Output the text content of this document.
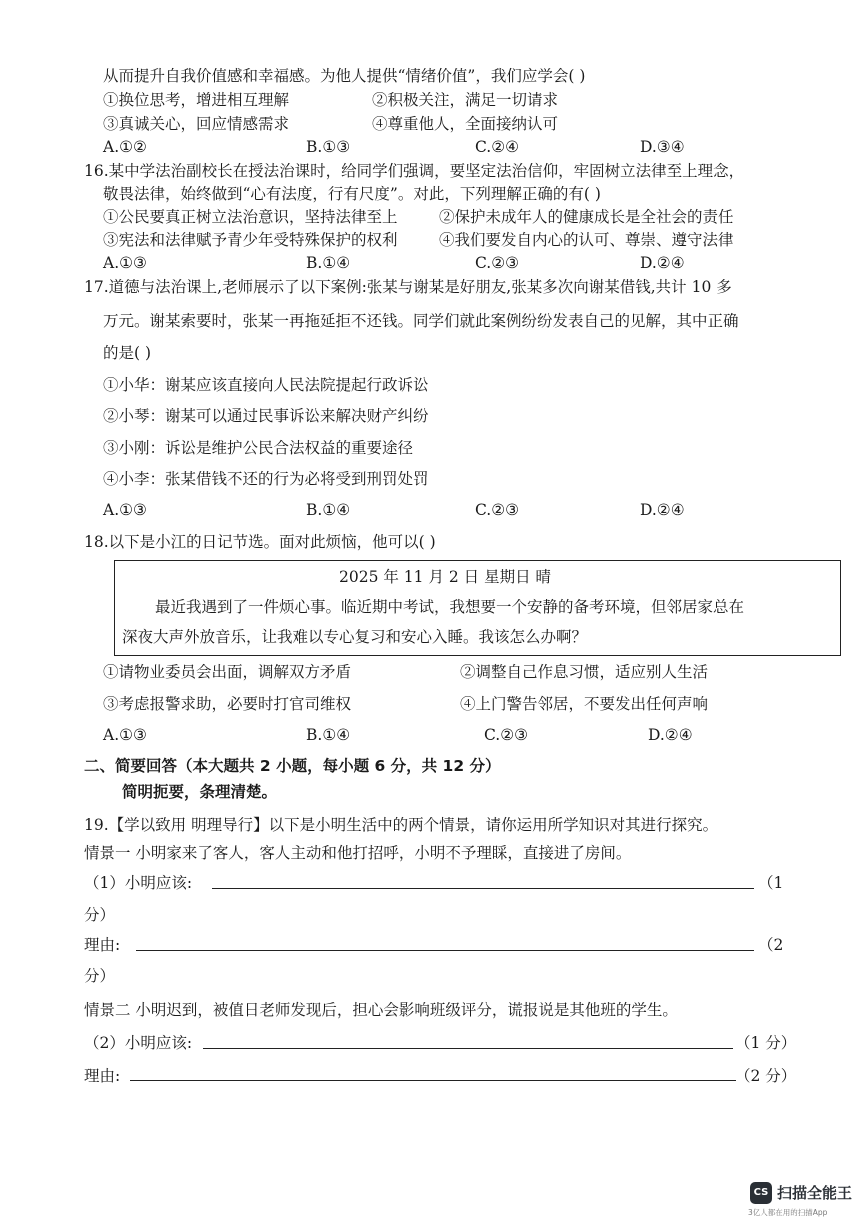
从而提升自我价值感和幸福感。为他人提供“情绪价值”，我们应学会( )
①换位思考，增进相互理解	②积极关注，满足一切请求
③真诚关心，回应情感需求	④尊重他人，全面接纳认可
A.①②	B.①③	C.②④	D.③④
16.某中学法治副校长在授法治课时，给同学们强调，要坚定法治信仰，牢固树立法律至上理念，
敬畏法律，始终做到“心有法度，行有尺度”。对此，下列理解正确的有( )
①公民要真正树立法治意识，坚持法律至上	②保护未成年人的健康成长是全社会的责任
③宪法和法律赋予青少年受特殊保护的权利	④我们要发自内心的认可、尊崇、遵守法律
A.①③	B.①④	C.②③	D.②④
17.道德与法治课上,老师展示了以下案例:张某与谢某是好朋友,张某多次向谢某借钱,共计 10 多
万元。谢某索要时，张某一再拖延拒不还钱。同学们就此案例纷纷发表自己的见解，其中正确
的是( )
①小华：谢某应该直接向人民法院提起行政诉讼
②小琴：谢某可以通过民事诉讼来解决财产纠纷
③小刚：诉讼是维护公民合法权益的重要途径
④小李：张某借钱不还的行为必将受到刑罚处罚
A.①③	B.①④	C.②③	D.②④
18.以下是小江的日记节选。面对此烦恼，他可以( )
2025 年 11 月 2 日 星期日 晴
最近我遇到了一件烦心事。临近期中考试，我想要一个安静的备考环境，但邻居家总在
深夜大声外放音乐，让我难以专心复习和安心入睡。我该怎么办啊？
①请物业委员会出面，调解双方矛盾	②调整自己作息习惯，适应别人生活
③考虑报警求助，必要时打官司维权	④上门警告邻居，不要发出任何声响
A.①③	B.①④	C.②③	D.②④
二、简要回答（本大题共 2 小题，每小题 6 分，共 12 分）
简明扼要，条理清楚。
19.【学以致用 明理导行】以下是小明生活中的两个情景，请你运用所学知识对其进行探究。
情景一 小明家来了客人，客人主动和他打招呼，小明不予理睬，直接进了房间。
（1）小明应该:	（1
分）
理由:	（2
分）
情景二 小明迟到，被值日老师发现后，担心会影响班级评分，谎报说是其他班的学生。
（2）小明应该:	（1 分）
理由:	（2 分）
CS 扫描全能王
3亿人都在用的扫描App
